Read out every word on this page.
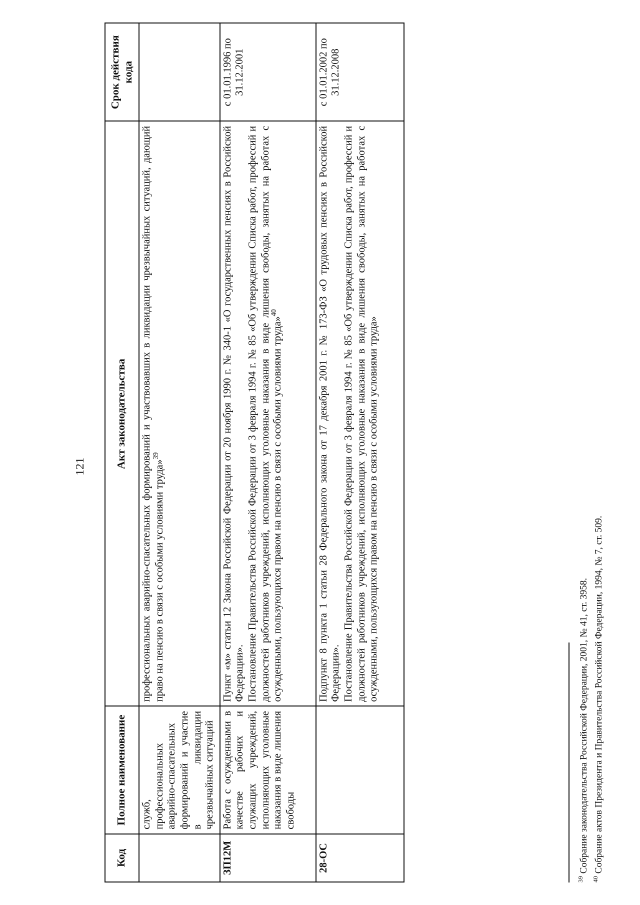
121
Код	Полное наименование	Акт законодательства	Срок действия кода
	служб, профессиональных аварийно-спасательных формирований и участие в ликвидации чрезвычайных ситуаций	профессиональных аварийно-спасательных формирований и участвовавших в ликвидации чрезвычайных ситуаций, дающий право на пенсию в связи с особыми условиями труда»$^{39}$

ЗП12М	Работа с осужденными в качестве рабочих и служащих учреждений, исполняющих уголовные наказания в виде лишения свободы	Пункт «м» статьи 12 Закона Российской Федерации от 20 ноября 1990 г. № 340-1 «О государственных пенсиях в Российской Федерации». Постановление Правительства Российской Федерации от 3 февраля 1994 г. № 85 «Об утверждении Списка работ, профессий и должностей работников учреждений, исполняющих уголовные наказания в виде лишения свободы, занятых на работах с осужденными, пользующихся правом на пенсию в связи с особыми условиями труда»$^{40}$	с 01.01.1996 по 31.12.2001
28-ОС		Подпункт 8 пункта 1 статьи 28 Федерального закона от 17 декабря 2001 г. № 173-ФЗ «О трудовых пенсиях в Российской Федерации». Постановление Правительства Российской Федерации от 3 февраля 1994 г. № 85 «Об утверждении Списка работ, профессий и должностей работников учреждений, исполняющих уголовные наказания в виде лишения свободы, занятых на работах с осужденными, пользующихся правом на пенсию в связи с особыми условиями труда»	с 01.01.2002 по 31.12.2008

$^{39}$ Собрание законодательства Российской Федерации, 2001, № 41, ст. 3958.

$^{40}$ Собрание актов Президента и Правительства Российской Федерации, 1994, № 7, ст. 509.
